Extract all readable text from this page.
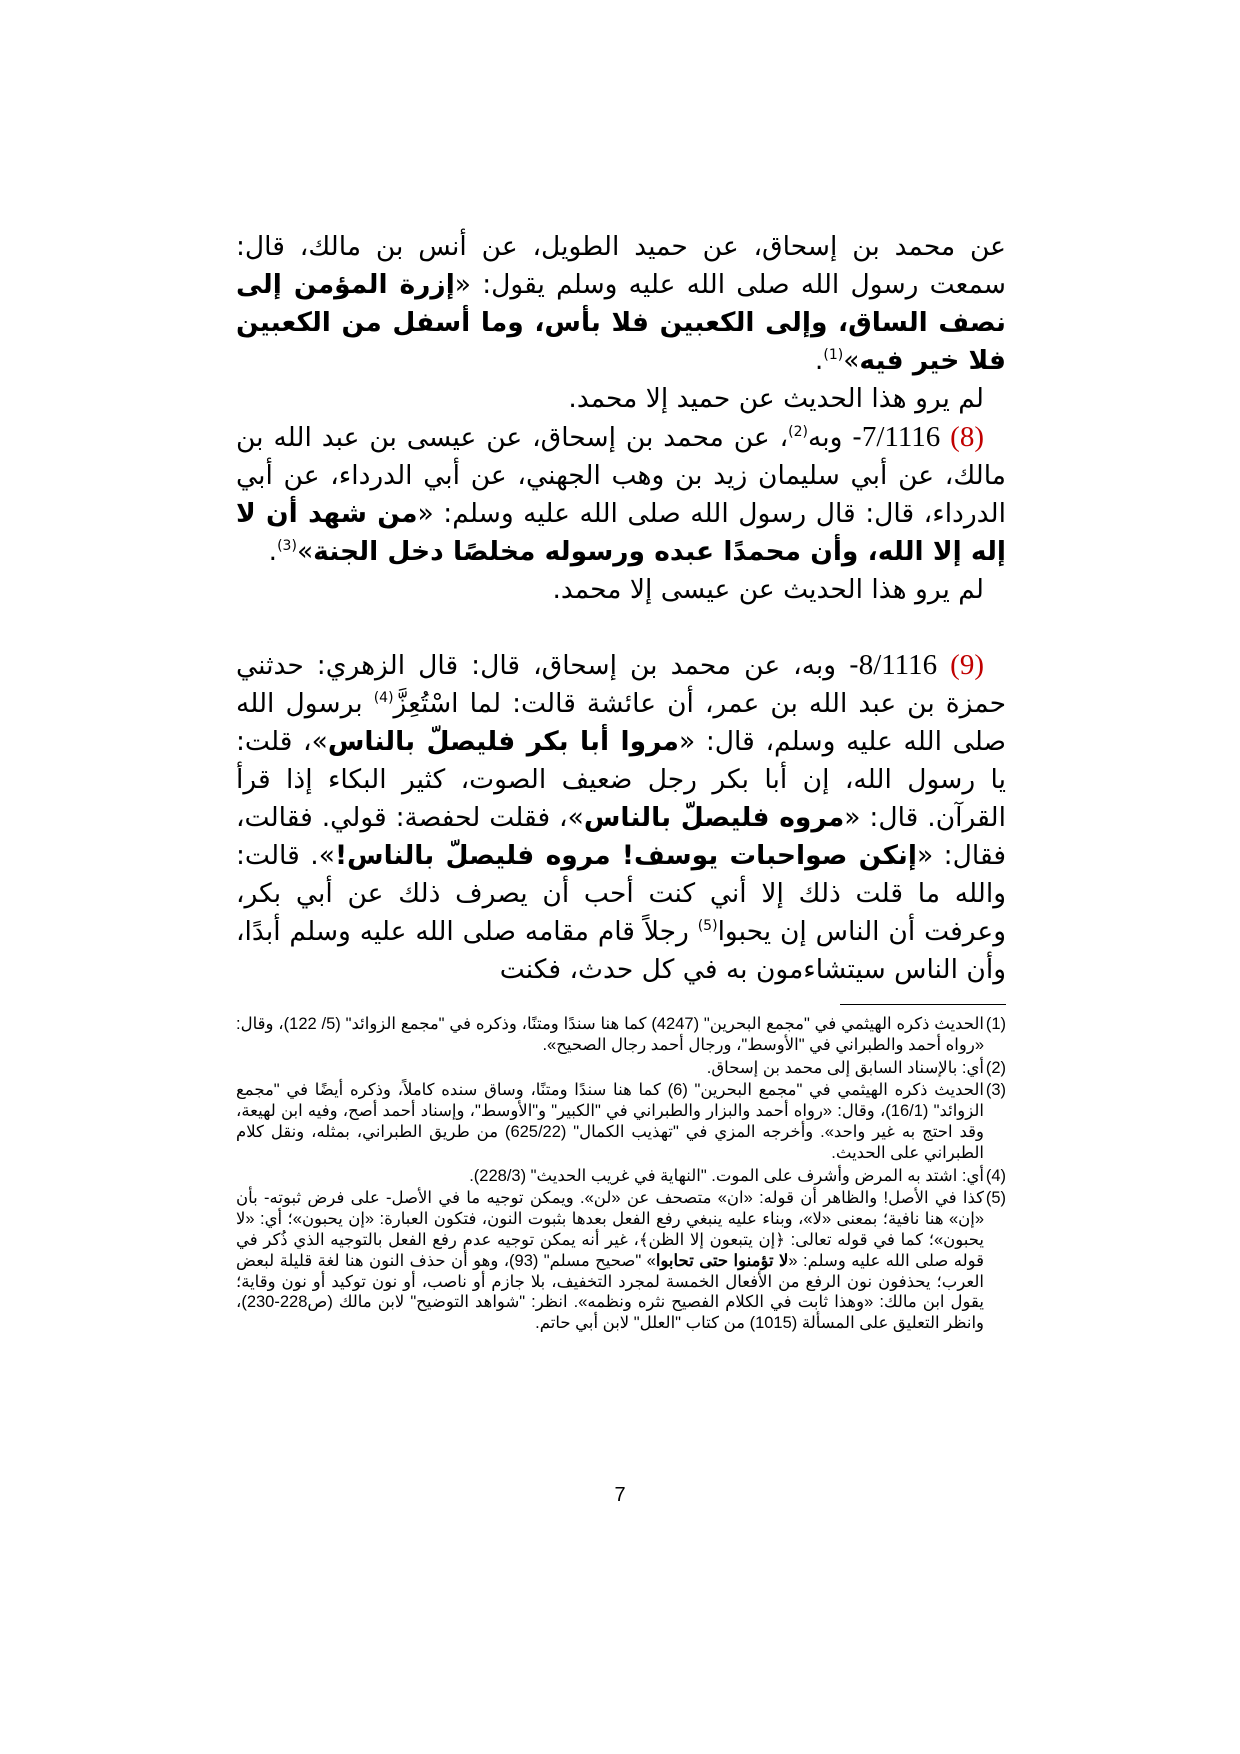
عن محمد بن إسحاق، عن حميد الطويل، عن أنس بن مالك، قال: سمعت رسول الله صلى الله عليه وسلم يقول: «إزرة المؤمن إلى نصف الساق، وإلى الكعبين فلا بأس، وما أسفل من الكعبين فلا خير فيه»$^{(1)}$.

لم يرو هذا الحديث عن حميد إلا محمد.

(8) 7/1116- وبه$^{(2)}$، عن محمد بن إسحاق، عن عيسى بن عبد الله بن مالك، عن أبي سليمان زيد بن وهب الجهني، عن أبي الدرداء، عن أبي الدرداء، قال: قال رسول الله صلى الله عليه وسلم: «من شهد أن لا إله إلا الله، وأن محمدًا عبده ورسوله مخلصًا دخل الجنة»$^{(3)}$.

لم يرو هذا الحديث عن عيسى إلا محمد.

(9) 8/1116- وبه، عن محمد بن إسحاق، قال: قال الزهري: حدثني حمزة بن عبد الله بن عمر، أن عائشة قالت: لما اسْتُعِزَّ$^{(4)}$ برسول الله صلى الله عليه وسلم، قال: «مروا أبا بكر فليصلّ بالناس»، قلت: يا رسول الله، إن أبا بكر رجل ضعيف الصوت، كثير البكاء إذا قرأ القرآن. قال: «مروه فليصلّ بالناس»، فقلت لحفصة: قولي. فقالت، فقال: «إنكن صواحبات يوسف! مروه فليصلّ بالناس!». قالت: والله ما قلت ذلك إلا أني كنت أحب أن يصرف ذلك عن أبي بكر، وعرفت أن الناس إن يحبوا$^{(5)}$ رجلاً قام مقامه صلى الله عليه وسلم أبدًا، وأن الناس سيتشاءمون به في كل حدث، فكنت

(1)
الحديث ذكره الهيثمي في "مجمع البحرين" (4247) كما هنا سندًا ومتنًا، وذكره في "مجمع الزوائد" (5/ 122)، وقال: «رواه أحمد والطبراني في "الأوسط"، ورجال أحمد رجال الصحيح».

(2)
أي: بالإسناد السابق إلى محمد بن إسحاق.

(3)
الحديث ذكره الهيثمي في "مجمع البحرين" (6) كما هنا سندًا ومتنًا، وساق سنده كاملاً، وذكره أيضًا في "مجمع الزوائد" (16/1)، وقال: «رواه أحمد والبزار والطبراني في "الكبير" و"الأوسط"، وإسناد أحمد أصح، وفيه ابن لهيعة، وقد احتج به غير واحد». وأخرجه المزي في "تهذيب الكمال" (625/22) من طريق الطبراني، بمثله، ونقل كلام الطبراني على الحديث.

(4)
أي: اشتد به المرض وأشرف على الموت. "النهاية في غريب الحديث" (228/3).

(5)
كذا في الأصل! والظاهر أن قوله: «ان» متصحف عن «لن». ويمكن توجيه ما في الأصل- على فرض ثبوته- بأن «إن» هنا نافية؛ بمعنى «لا»، وبناء عليه ينبغي رفع الفعل بعدها بثبوت النون، فتكون العبارة: «إن يحبون»؛ أي: «لا يحبون»؛ كما في قوله تعالى: ﴿إن يتبعون إلا الظن﴾، غير أنه يمكن توجيه عدم رفع الفعل بالتوجيه الذي ذُكر في قوله صلى الله عليه وسلم: «لا تؤمنوا حتى تحابوا» "صحيح مسلم" (93)، وهو أن حذف النون هنا لغة قليلة لبعض العرب؛ يحذفون نون الرفع من الأفعال الخمسة لمجرد التخفيف، بلا جازم أو ناصب، أو نون توكيد أو نون وقاية؛ يقول ابن مالك: «وهذا ثابت في الكلام الفصيح نثره ونظمه». انظر: "شواهد التوضيح" لابن مالك (ص228-230)، وانظر التعليق على المسألة (1015) من كتاب "العلل" لابن أبي حاتم.

7
